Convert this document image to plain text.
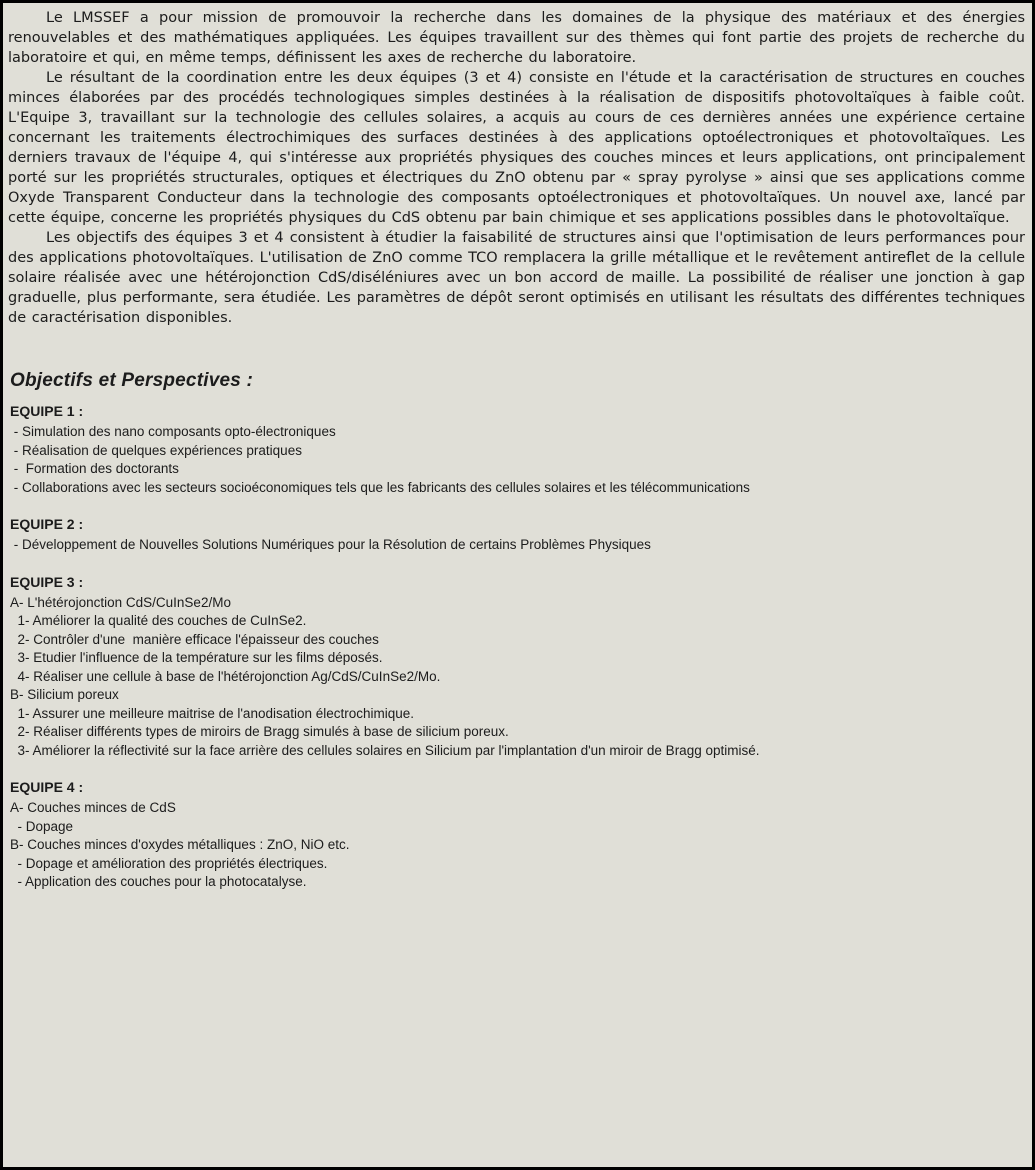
Le LMSSEF a pour mission de promouvoir la recherche dans les domaines de la physique des matériaux et des énergies renouvelables et des mathématiques appliquées. Les équipes travaillent sur des thèmes qui font partie des projets de recherche du laboratoire et qui, en même temps, définissent les axes de recherche du laboratoire.

Le résultant de la coordination entre les deux équipes (3 et 4) consiste en l'étude et la caractérisation de structures en couches minces élaborées par des procédés technologiques simples destinées à la réalisation de dispositifs photovoltaïques à faible coût. L'Equipe 3, travaillant sur la technologie des cellules solaires, a acquis au cours de ces dernières années une expérience certaine concernant les traitements électrochimiques des surfaces destinées à des applications optoélectroniques et photovoltaïques. Les derniers travaux de l'équipe 4, qui s'intéresse aux propriétés physiques des couches minces et leurs applications, ont principalement porté sur les propriétés structurales, optiques et électriques du ZnO obtenu par « spray pyrolyse » ainsi que ses applications comme Oxyde Transparent Conducteur dans la technologie des composants optoélectroniques et photovoltaïques. Un nouvel axe, lancé par cette équipe, concerne les propriétés physiques du CdS obtenu par bain chimique et ses applications possibles dans le photovoltaïque.

Les objectifs des équipes 3 et 4 consistent à étudier la faisabilité de structures ainsi que l'optimisation de leurs performances pour des applications photovoltaïques. L'utilisation de ZnO comme TCO remplacera la grille métallique et le revêtement antireflet de la cellule solaire réalisée avec une hétérojonction CdS/diséléniures avec un bon accord de maille. La possibilité de réaliser une jonction à gap graduelle, plus performante, sera étudiée. Les paramètres de dépôt seront optimisés en utilisant les résultats des différentes techniques de caractérisation disponibles.

Objectifs et Perspectives :
EQUIPE 1 :
- Simulation des nano composants opto-électroniques
- Réalisation de quelques expériences pratiques
-  Formation des doctorants
- Collaborations avec les secteurs socioéconomiques tels que les fabricants des cellules solaires et les télécommunications
EQUIPE 2 :
- Développement de Nouvelles Solutions Numériques pour la Résolution de certains Problèmes Physiques
EQUIPE 3 :
A- L'hétérojonction CdS/CuInSe2/Mo
1- Améliorer la qualité des couches de CuInSe2.
2- Contrôler d'une  manière efficace l'épaisseur des couches
3- Etudier l'influence de la température sur les films déposés.
4- Réaliser une cellule à base de l'hétérojonction Ag/CdS/CuInSe2/Mo.
B- Silicium poreux
1- Assurer une meilleure maitrise de l'anodisation électrochimique.
2- Réaliser différents types de miroirs de Bragg simulés à base de silicium poreux.
3- Améliorer la réflectivité sur la face arrière des cellules solaires en Silicium par l'implantation d'un miroir de Bragg optimisé.
EQUIPE 4 :
A- Couches minces de CdS
- Dopage
B- Couches minces d'oxydes métalliques : ZnO, NiO etc.
- Dopage et amélioration des propriétés électriques.
- Application des couches pour la photocatalyse.
